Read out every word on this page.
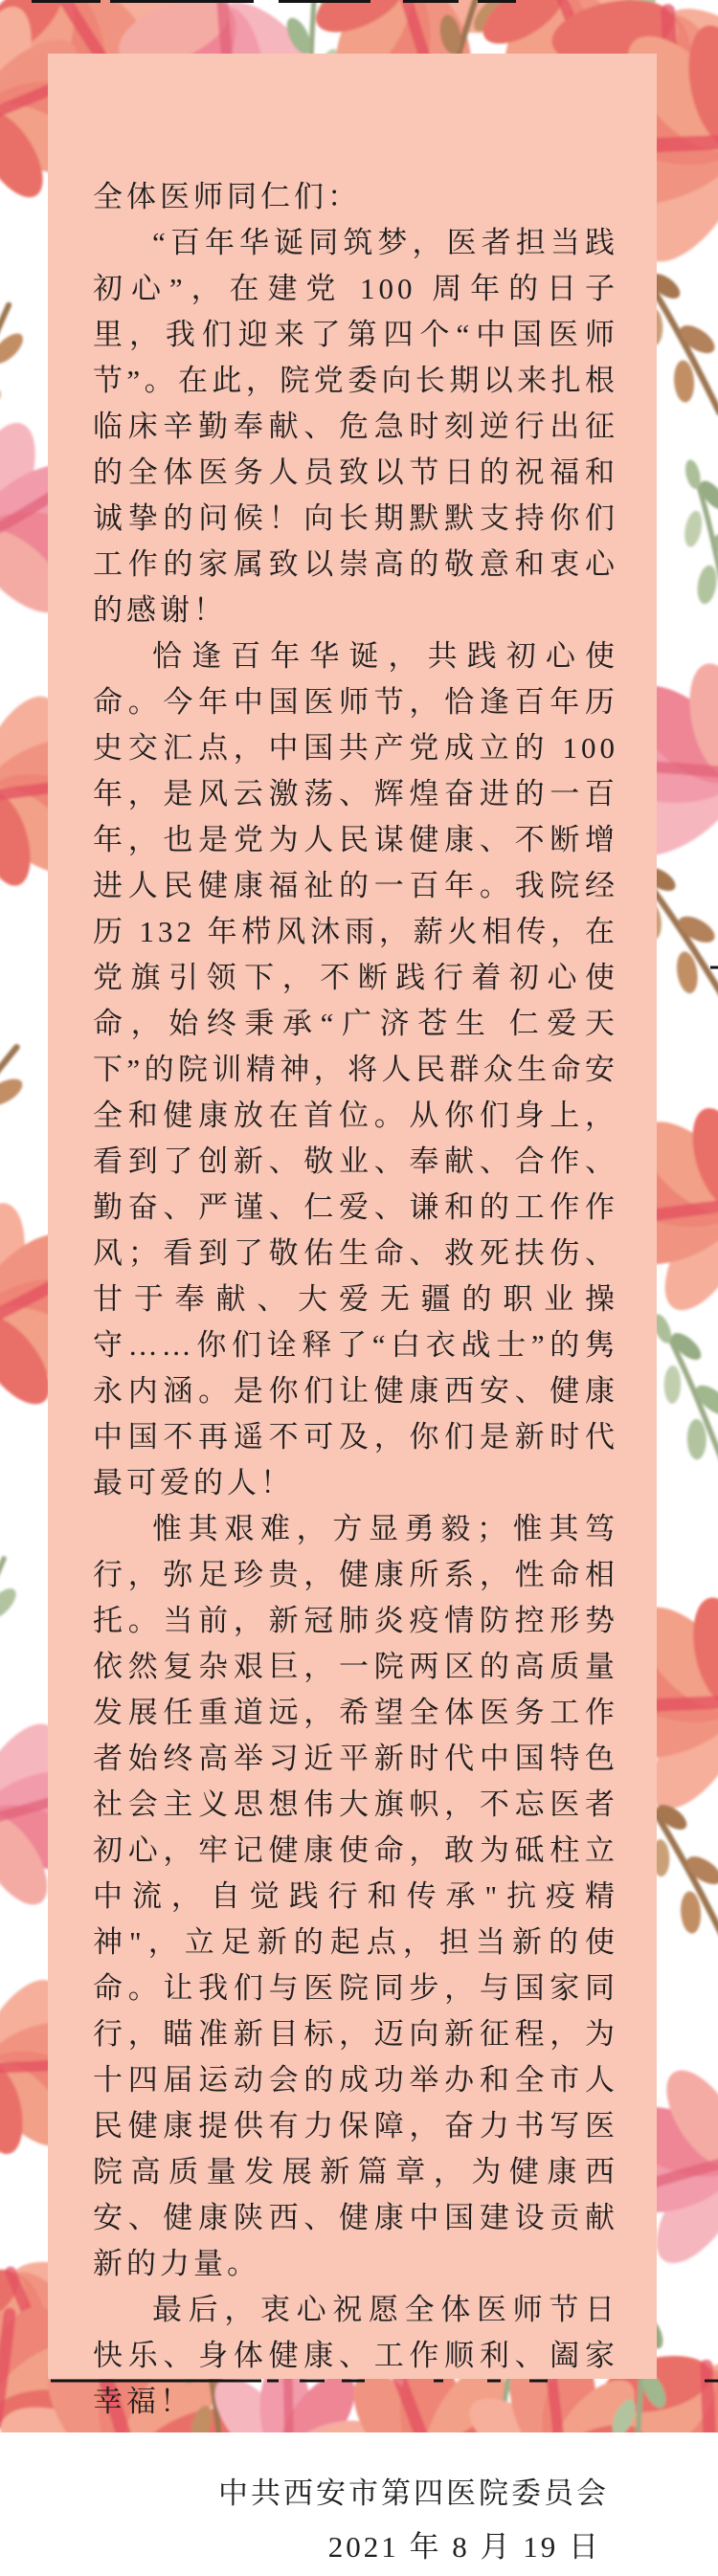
全体医师同仁们：

“百年华诞同筑梦，医者担当践初心”，在建党 100 周年的日子里，我们迎来了第四个“中国医师节”。在此，院党委向长期以来扎根临床辛勤奉献、危急时刻逆行出征的全体医务人员致以节日的祝福和诚挚的问候！向长期默默支持你们工作的家属致以崇高的敬意和衷心的感谢！

恰逢百年华诞，共践初心使命。今年中国医师节，恰逢百年历史交汇点，中国共产党成立的 100 年，是风云激荡、辉煌奋进的一百年，也是党为人民谋健康、不断增进人民健康福祉的一百年。我院经历 132 年栉风沐雨，薪火相传，在党旗引领下，不断践行着初心使命，始终秉承“广济苍生 仁爱天下”的院训精神，将人民群众生命安全和健康放在首位。从你们身上，看到了创新、敬业、奉献、合作、勤奋、严谨、仁爱、谦和的工作作风；看到了敬佑生命、救死扶伤、甘于奉献、大爱无疆的职业操守……你们诠释了“白衣战士”的隽永内涵。是你们让健康西安、健康中国不再遥不可及，你们是新时代最可爱的人！

惟其艰难，方显勇毅；惟其笃行，弥足珍贵，健康所系，性命相托。当前，新冠肺炎疫情防控形势依然复杂艰巨，一院两区的高质量发展任重道远，希望全体医务工作者始终高举习近平新时代中国特色社会主义思想伟大旗帜，不忘医者初心，牢记健康使命，敢为砥柱立中流，自觉践行和传承"抗疫精神"，立足新的起点，担当新的使命。让我们与医院同步，与国家同行，瞄准新目标，迈向新征程，为十四届运动会的成功举办和全市人民健康提供有力保障，奋力书写医院高质量发展新篇章，为健康西安、健康陕西、健康中国建设贡献新的力量。

最后，衷心祝愿全体医师节日快乐、身体健康、工作顺利、阖家幸福！

中共西安市第四医院委员会
2021 年 8 月 19 日
